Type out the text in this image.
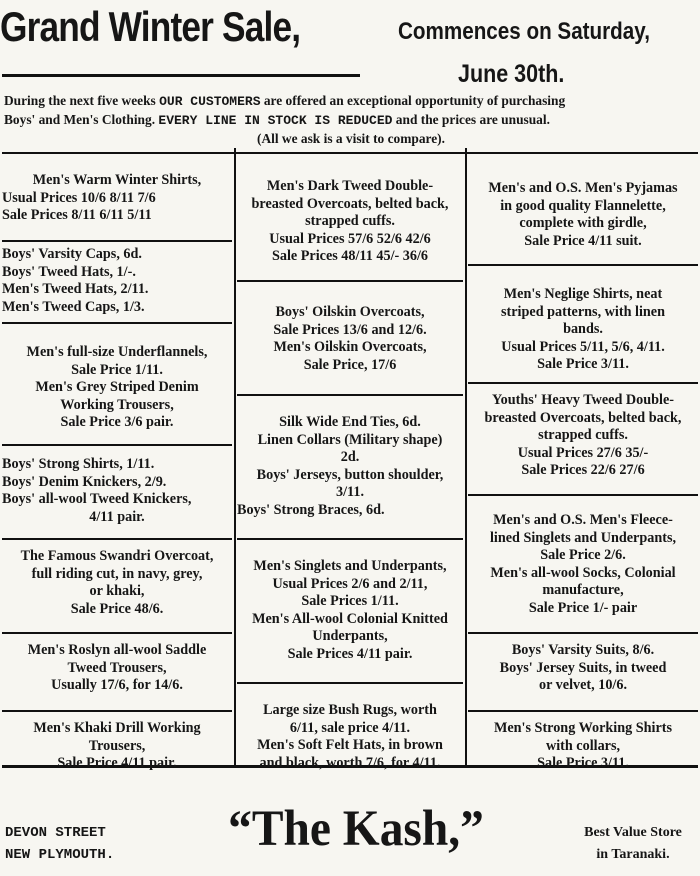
Grand Winter Sale,	Commences on Saturday,
June 30th.
During the next five weeks OUR CUSTOMERS are offered an exceptional opportunity of purchasing
Boys' and Men's Clothing. EVERY LINE IN STOCK IS REDUCED and the prices are unusual.
(All we ask is a visit to compare).
Men's Warm Winter Shirts,
Usual Prices 10/6 8/11 7/6
Sale Prices 8/11 6/11 5/11
Boys' Varsity Caps, 6d.
Boys' Tweed Hats, 1/-.
Men's Tweed Hats, 2/11.
Men's Tweed Caps, 1/3.
Men's full-size Underflannels,
Sale Price 1/11.
Men's Grey Striped Denim
Working Trousers,
Sale Price 3/6 pair.
Boys' Strong Shirts, 1/11.
Boys' Denim Knickers, 2/9.
Boys' all-wool Tweed Knickers,
4/11 pair.
The Famous Swandri Overcoat,
full riding cut, in navy, grey,
or khaki,
Sale Price 48/6.
Men's Roslyn all-wool Saddle
Tweed Trousers,
Usually 17/6, for 14/6.
Men's Khaki Drill Working
Trousers,
Sale Price 4/11 pair.
Men's Dark Tweed Double-
breasted Overcoats, belted back,
strapped cuffs.
Usual Prices 57/6 52/6 42/6
Sale Prices 48/11 45/- 36/6
Boys' Oilskin Overcoats,
Sale Prices 13/6 and 12/6.
Men's Oilskin Overcoats,
Sale Price, 17/6
Silk Wide End Ties, 6d.
Linen Collars (Military shape)
2d.
Boys' Jerseys, button shoulder,
3/11.
Boys' Strong Braces, 6d.
Men's Singlets and Underpants,
Usual Prices 2/6 and 2/11,
Sale Prices 1/11.
Men's All-wool Colonial Knitted
Underpants,
Sale Prices 4/11 pair.
Large size Bush Rugs, worth
6/11, sale price 4/11.
Men's Soft Felt Hats, in brown
and black, worth 7/6, for 4/11.
Men's and O.S. Men's Pyjamas
in good quality Flannelette,
complete with girdle,
Sale Price 4/11 suit.
Men's Neglige Shirts, neat
striped patterns, with linen
bands.
Usual Prices 5/11, 5/6, 4/11.
Sale Price 3/11.
Youths' Heavy Tweed Double-
breasted Overcoats, belted back,
strapped cuffs.
Usual Prices 27/6 35/-
Sale Prices 22/6 27/6
Men's and O.S. Men's Fleece-
lined Singlets and Underpants,
Sale Price 2/6.
Men's all-wool Socks, Colonial
manufacture,
Sale Price 1/- pair
Boys' Varsity Suits, 8/6.
Boys' Jersey Suits, in tweed
or velvet, 10/6.
Men's Strong Working Shirts
with collars,
Sale Price 3/11.
DEVON STREET
NEW PLYMOUTH. “The Kash,”	Best Value Store
in Taranaki.
